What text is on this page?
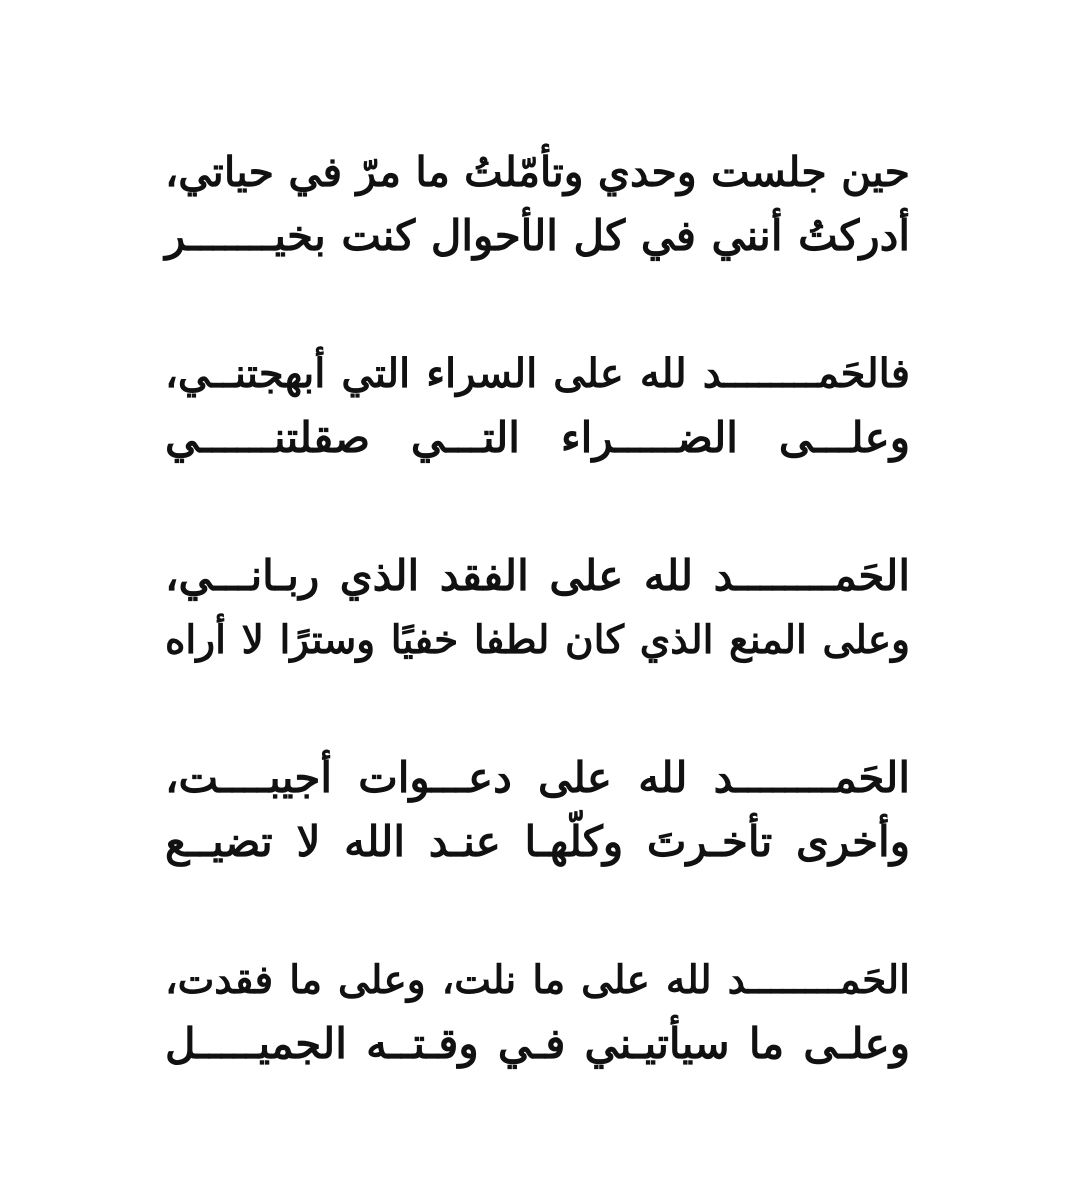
حين جلست وحدي وتأمّلتُ ما مرّ في حياتي،
أدركتُ أنني في كل الأحوال كنت بخيـــــــر
فالحَمــــــــد لله على السراء التي أبهجتنــي،
وعلـــى الضـــــراء التـــي صقلتنــــــي
الحَمــــــــد لله على الفقد الذي ربـانـــي،
وعلى المنع الذي كان لطفا خفيًا وسترًا لا أراه
الحَمــــــــد لله على دعـــوات أجيبــــت،
وأخرى تأخـرتَ وكلّهـا عنـد الله لا تضيــع
الحَمــــــــد لله على ما نلت، وعلى ما فقدت،
وعلـى ما سيأتيـني فـي وقـتــه الجميـــــل
